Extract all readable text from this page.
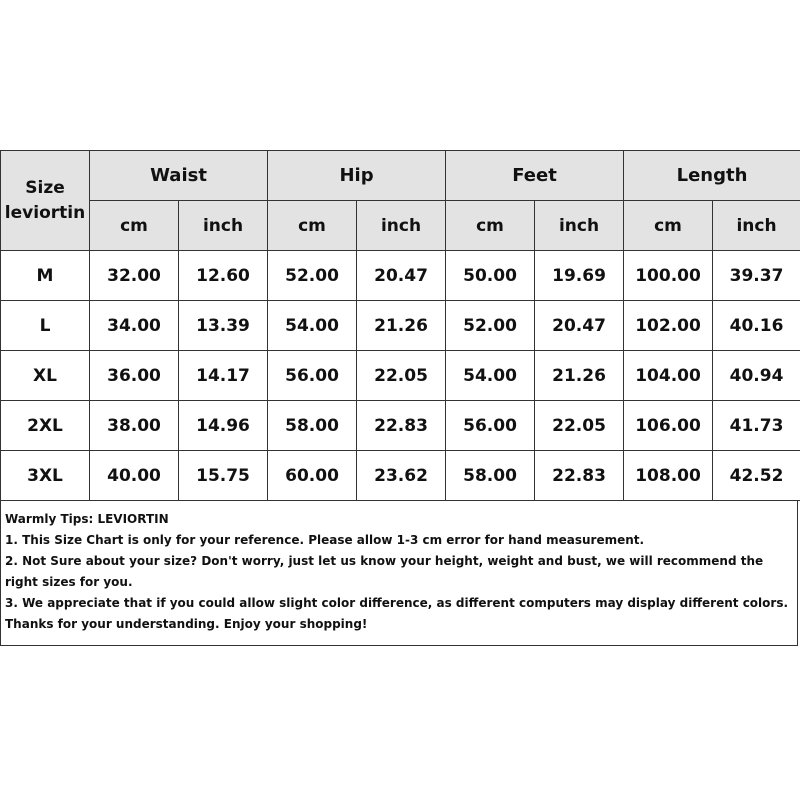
Size
leviortin	Waist		Hip		Feet		Length	
	cm	inch	cm	inch	cm	inch	cm	inch
M	32.00	12.60	52.00	20.47	50.00	19.69	100.00	39.37
L	34.00	13.39	54.00	21.26	52.00	20.47	102.00	40.16
XL	36.00	14.17	56.00	22.05	54.00	21.26	104.00	40.94
2XL	38.00	14.96	58.00	22.83	56.00	22.05	106.00	41.73
3XL	40.00	15.75	60.00	23.62	58.00	22.83	108.00	42.52
Warmly Tips: LEVIORTIN
1. This Size Chart is only for your reference. Please allow 1-3 cm error for hand measurement.
2. Not Sure about your size? Don't worry, just let us know your height, weight and bust, we will recommend the right sizes for you.
3. We appreciate that if you could allow slight color difference, as different computers may display different colors.
Thanks for your understanding. Enjoy your shopping!
